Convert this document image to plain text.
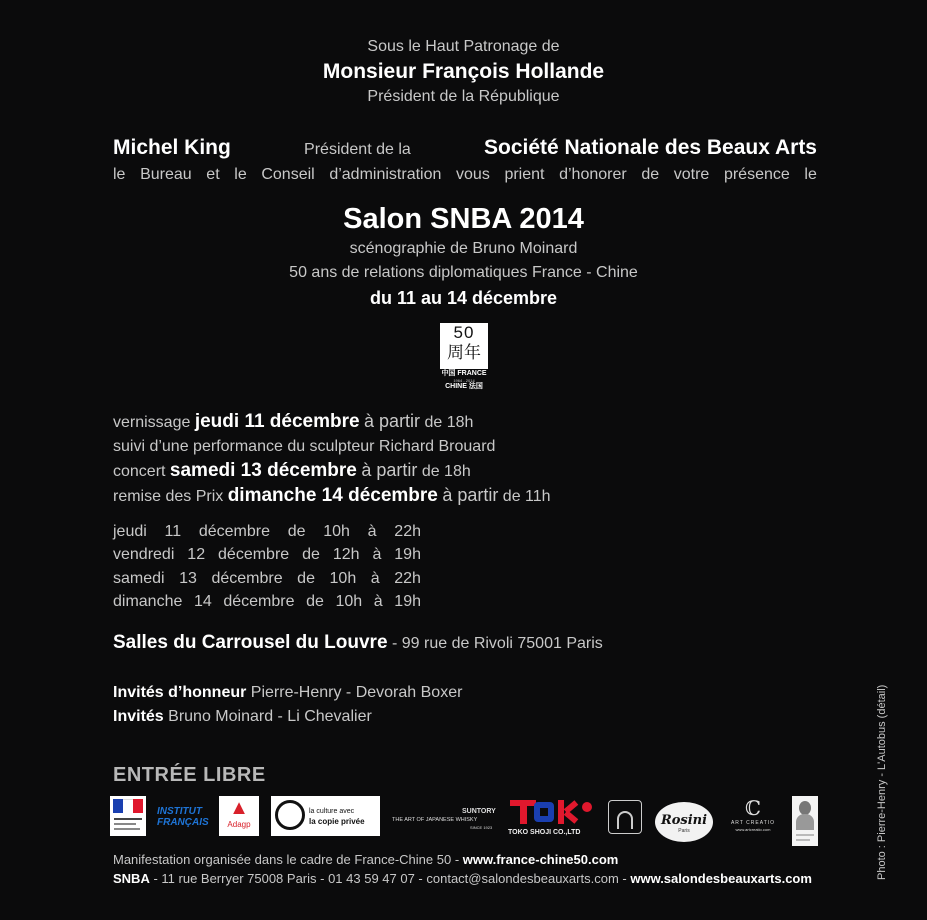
Sous le Haut Patronage de
Monsieur François Hollande
Président de la République
Michel King	Président de la	Société Nationale des Beaux Arts
le Bureau et le Conseil d’administration vous prient d’honorer de votre présence le
Salon SNBA 2014
scénographie de Bruno Moinard
50 ans de relations diplomatiques France - Chine
du 11 au 14 décembre
50
周年
中国 FRANCE
1964 - 2014
CHINE 法国
vernissage jeudi 11 décembre à partir de 18h
suivi d’une performance du sculpteur Richard Brouard
concert samedi 13 décembre à partir de 18h
remise des Prix dimanche 14 décembre à partir de 11h
jeudi 11 décembre de 10h à 22h
vendredi 12 décembre de 12h à 19h
samedi 13 décembre de 10h à 22h
dimanche 14 décembre de 10h à 19h
Salles du Carrousel du Louvre - 99 rue de Rivoli 75001 Paris
Invités d’honneur Pierre-Henry - Devorah Boxer
Invités Bruno Moinard - Li Chevalier
ENTRÉE LIBRE
INSTITUT FRANÇAIS
▲
Adagp
la culture avec
la copie privée
SUNTORY
THE ART OF JAPANESE WHISKY
SINCE 1923
TOKO SHOJI CO.,LTD
Rosini
Paris
ℂ
ART CREATIO
www.artcreatio.com
Manifestation organisée dans le cadre de France-Chine 50 - www.france-chine50.com
SNBA - 11 rue Berryer 75008 Paris - 01 43 59 47 07 - contact@salondesbeauxarts.com - www.salondesbeauxarts.com	Photo : Pierre-Henry - L'Autobus (détail)
